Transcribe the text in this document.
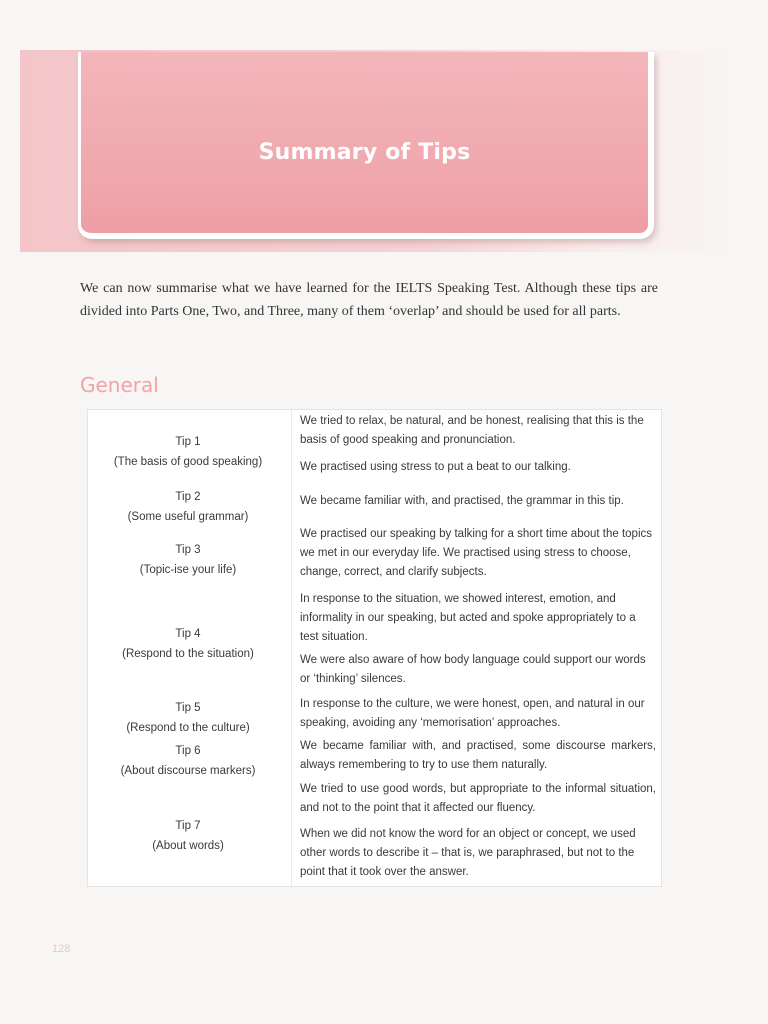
Summary of Tips

We can now summarise what we have learned for the IELTS Speaking Test. Although these tips are divided into Parts One, Two, and Three, many of them ‘overlap’ and should be used for all parts.

General
Tip 1
(The basis of good speaking)
Tip 2
(Some useful grammar)
Tip 3
(Topic-ise your life)
Tip 4
(Respond to the situation)
Tip 5
(Respond to the culture)
Tip 6
(About discourse markers)
Tip 7
(About words)

We tried to relax, be natural, and be honest, realising that this is the basis of good speaking and pronunciation.

We practised using stress to put a beat to our talking.

We became familiar with, and practised, the grammar in this tip.

We practised our speaking by talking for a short time about the topics we met in our everyday life. We practised using stress to choose, change, correct, and clarify subjects.

In response to the situation, we showed interest, emotion, and informality in our speaking, but acted and spoke appropriately to a test situation.

We were also aware of how body language could support our words or ‘thinking’ silences.

In response to the culture, we were honest, open, and natural in our speaking, avoiding any ‘memorisation’ approaches.

We became familiar with, and practised, some discourse markers, always remembering to try to use them naturally.

We tried to use good words, but appropriate to the informal situation, and not to the point that it affected our fluency.

When we did not know the word for an object or concept, we used other words to describe it – that is, we paraphrased, but not to the point that it took over the answer.

128
